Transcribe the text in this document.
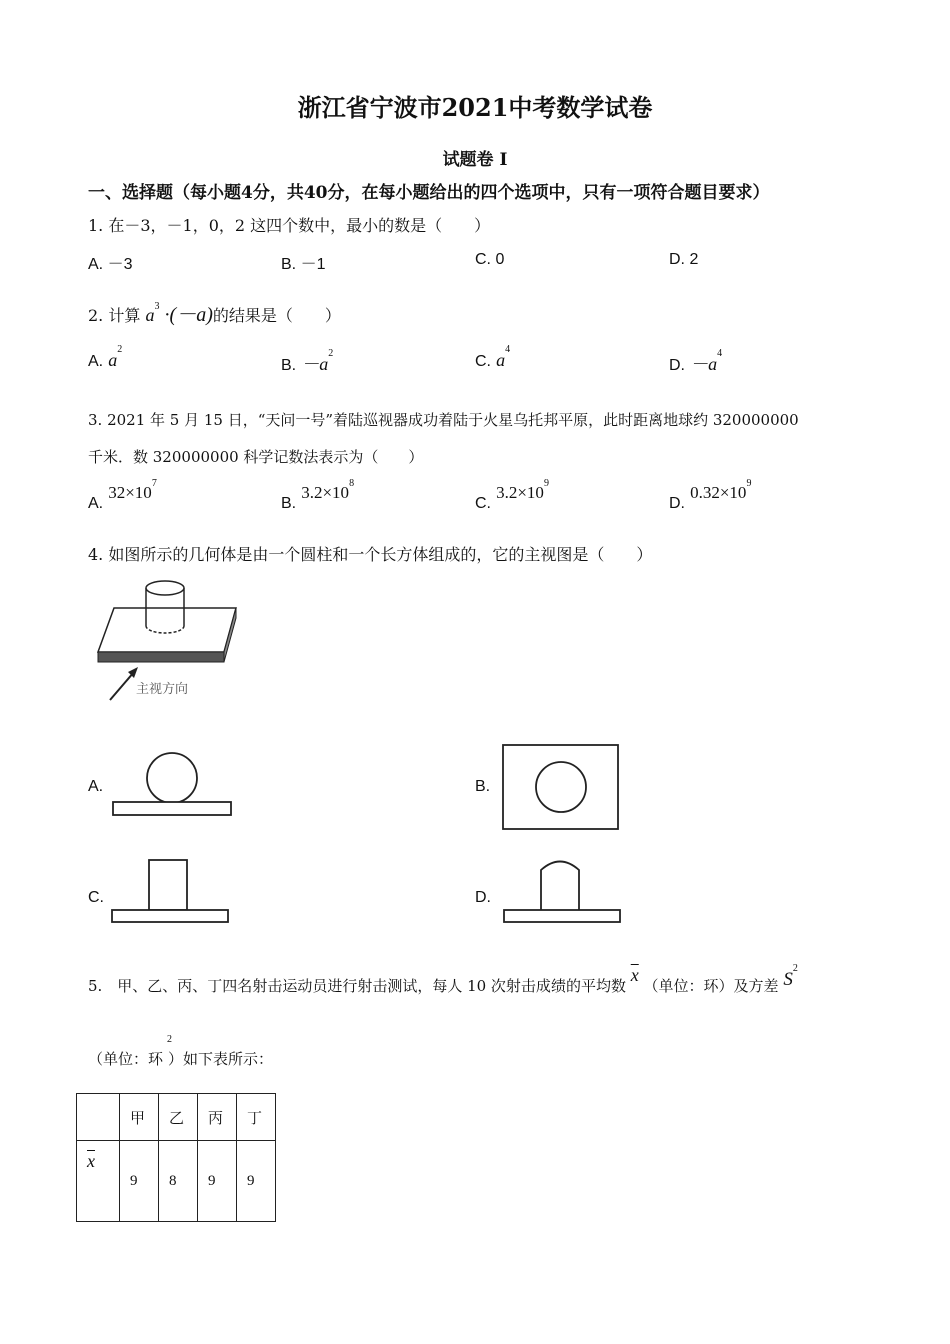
浙江省宁波市2021中考数学试卷
试题卷 I
一、选择题（每小题4分，共40分，在每小题给出的四个选项中，只有一项符合题目要求）
1. 在－3，－1，0，2 这四个数中，最小的数是（　　）
A. －3	B. －1	C. 0	D. 2
2. 计算 $a^3 \cdot(-a)$的结果是（　　）
A. $a^2$
B. $-a^2$	C. $a^4$
D. $-a^4$
3. 2021 年 5 月 15 日，“天问一号”着陆巡视器成功着陆于火星乌托邦平原，此时距离地球约 320000000
千米．数 320000000 科学记数法表示为（　　）
A. $32\times 10^7$
B. $3.2\times 10^8$
C. $3.2\times 10^9$
D. $0.32\times 10^9$
4. 如图所示的几何体是由一个圆柱和一个长方体组成的，它的主视图是（　　）
主视方向
A.	B.
C.	D.
5.　甲、乙、丙、丁四名射击运动员进行射击测试，每人 10 次射击成绩的平均数 $\overline{x}$ （单位：环）及方差 $S^2$
（单位：环$^2$）如下表所示：
	甲	乙	丙	丁
$\overline{x}$	9	8	9	9
